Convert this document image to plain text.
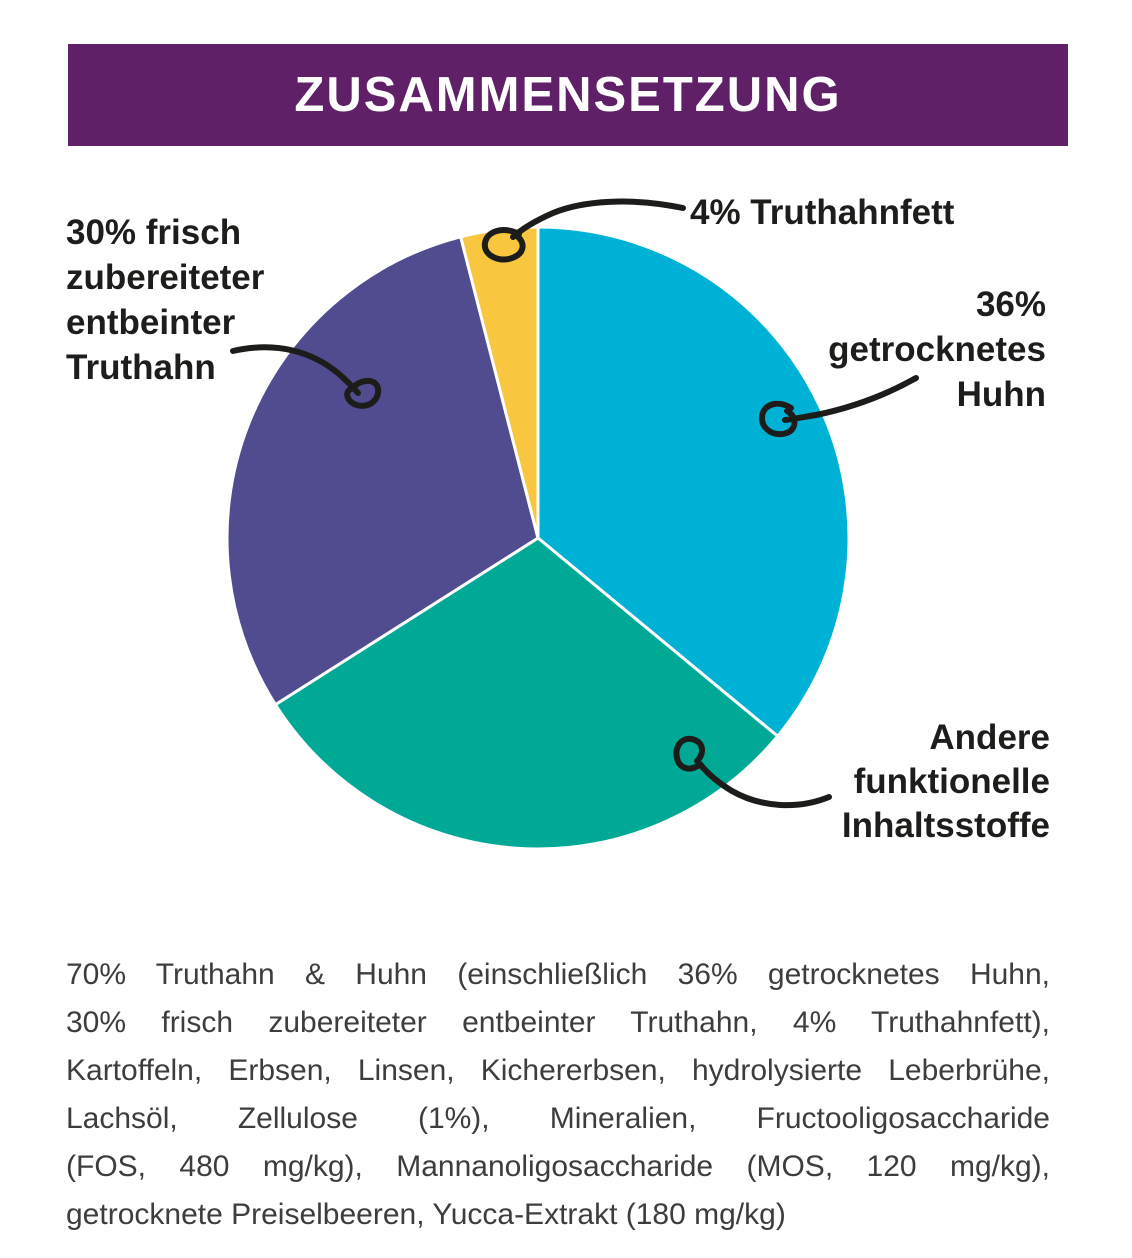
ZUSAMMENSETZUNG
4% Truthahnfett
30% frisch
zubereiteter
entbeinter
Truthahn
36%
getrocknetes
Huhn
Andere
funktionelle
Inhaltsstoffe
70% Truthahn & Huhn (einschließlich 36% getrocknetes Huhn,
30% frisch zubereiteter entbeinter Truthahn, 4% Truthahnfett),
Kartoffeln, Erbsen, Linsen, Kichererbsen, hydrolysierte Leberbrühe,
Lachsöl, Zellulose (1%), Mineralien, Fructooligosaccharide
(FOS, 480 mg/kg), Mannanoligosaccharide (MOS, 120 mg/kg),
getrocknete Preiselbeeren, Yucca-Extrakt (180 mg/kg)
